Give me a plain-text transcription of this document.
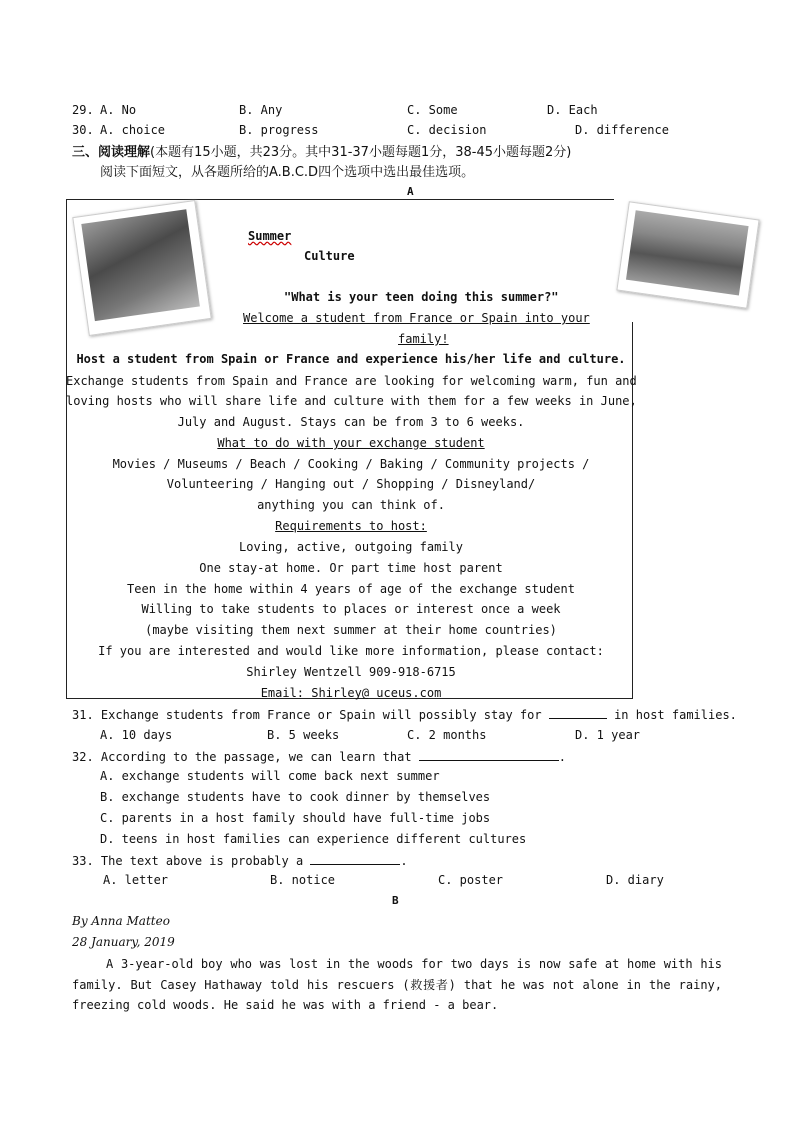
29. A. No	B. Any	C. Some	D. Each
30. A. choice	B. progress	C. decision	D. difference
三、阅读理解(本题有15小题，共23分。其中31-37小题每题1分，38-45小题每题2分)
阅读下面短文，从各题所给的A.B.C.D四个选项中选出最佳选项。
A
Summer
Culture
"What is your teen doing this summer?"
Welcome a student from France or Spain into your
family!
Host a student from Spain or France and experience his/her life and culture.
Exchange students from Spain and France are looking for welcoming warm, fun and
loving hosts who will share life and culture with them for a few weeks in June,
July and August. Stays can be from 3 to 6 weeks.
What to do with your exchange student
Movies / Museums / Beach / Cooking / Baking / Community projects /
Volunteering / Hanging out / Shopping / Disneyland/
anything you can think of.
Requirements to host:
Loving, active, outgoing family
One stay-at home. Or part time host parent
Teen in the home within 4 years of age of the exchange student
Willing to take students to places or interest once a week
(maybe visiting them next summer at their home countries)
If you are interested and would like more information, please contact:
Shirley Wentzell 909-918-6715
Email: Shirley@ uceus.com
31. Exchange students from France or Spain will possibly stay for	in host families.
A. 10 days	B. 5 weeks	C. 2 months	D. 1 year
32. According to the passage, we can learn that	.
A. exchange students will come back next summer
B. exchange students have to cook dinner by themselves
C. parents in a host family should have full-time jobs
D. teens in host families can experience different cultures
33. The text above is probably a	.
A. letter	B. notice	C. poster	D. diary
B
By Anna Matteo
28 January, 2019
A 3-year-old boy who was lost in the woods for two days is now safe at home with his family. But Casey Hathaway told his rescuers (救援者) that he was not alone in the rainy, freezing cold woods. He said he was with a friend - a bear.
